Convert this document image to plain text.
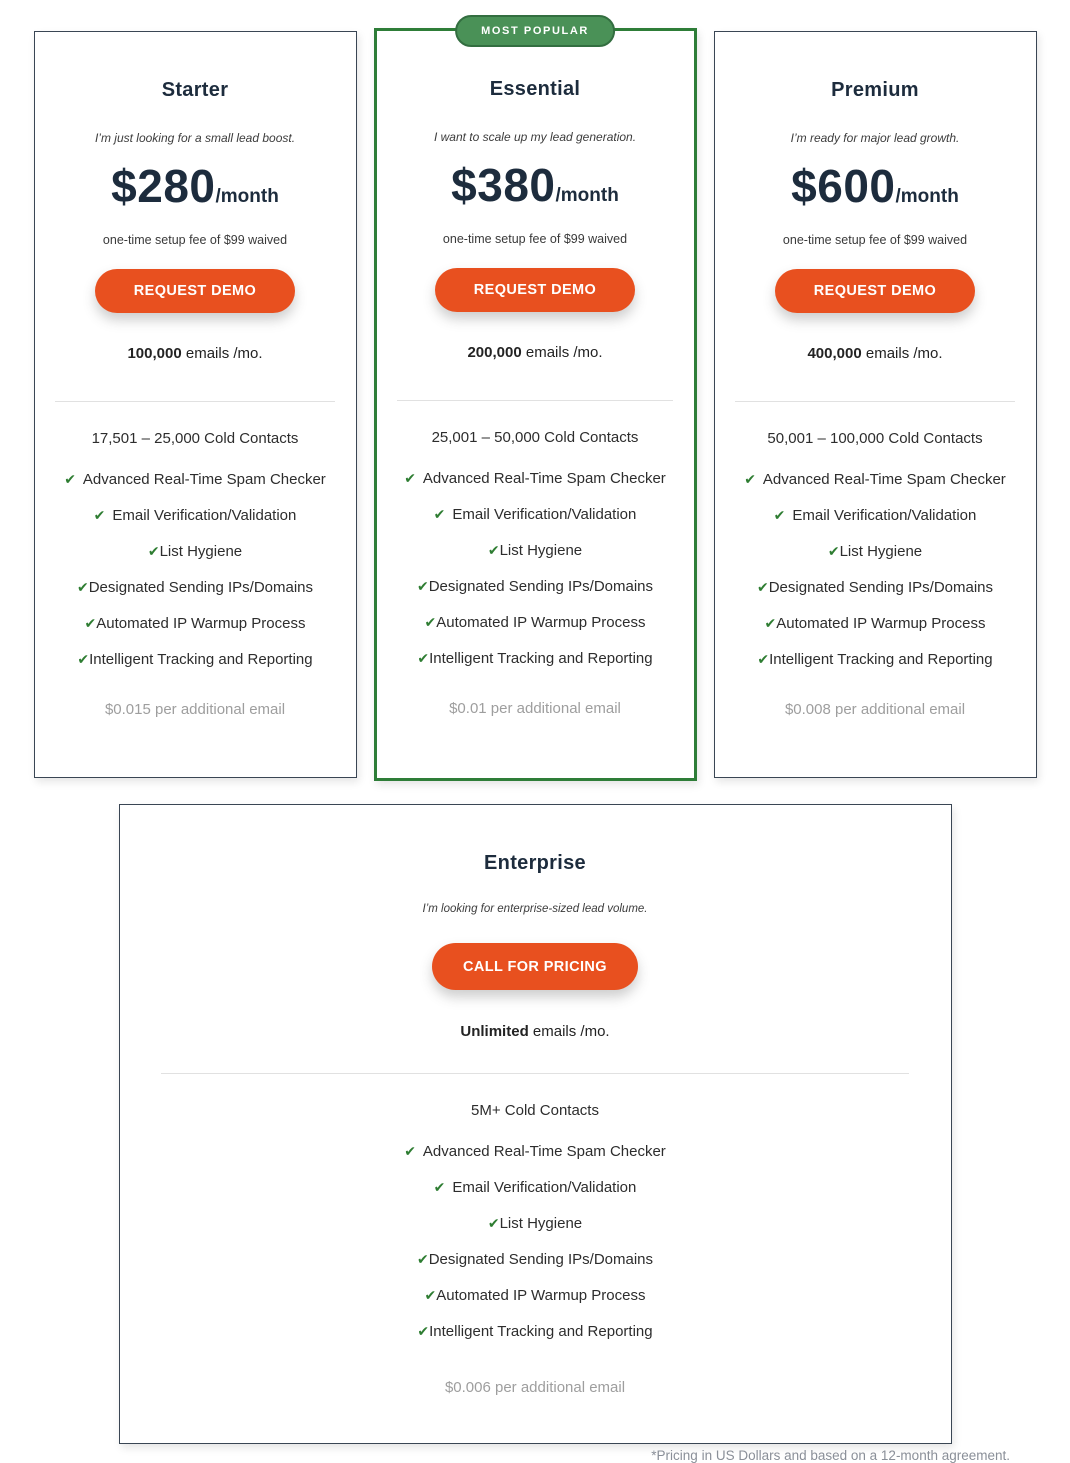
Starter

I’m just looking for a small lead boost.

$280/month

one-time setup fee of $99 waived

REQUEST DEMO

100,000 emails /mo.

17,501 – 25,000 Cold Contacts

✔ Advanced Real-Time Spam Checker
✔ Email Verification/Validation
✔List Hygiene
✔Designated Sending IPs/Domains
✔Automated IP Warmup Process
✔Intelligent Tracking and Reporting

$0.015 per additional email

MOST POPULAR
Essential

I want to scale up my lead generation.

$380/month

one-time setup fee of $99 waived

REQUEST DEMO

200,000 emails /mo.

25,001 – 50,000 Cold Contacts

✔ Advanced Real-Time Spam Checker
✔ Email Verification/Validation
✔List Hygiene
✔Designated Sending IPs/Domains
✔Automated IP Warmup Process
✔Intelligent Tracking and Reporting

$0.01 per additional email

Premium

I’m ready for major lead growth.

$600/month

one-time setup fee of $99 waived

REQUEST DEMO

400,000 emails /mo.

50,001 – 100,000 Cold Contacts

✔ Advanced Real-Time Spam Checker
✔ Email Verification/Validation
✔List Hygiene
✔Designated Sending IPs/Domains
✔Automated IP Warmup Process
✔Intelligent Tracking and Reporting

$0.008 per additional email

Enterprise

I’m looking for enterprise-sized lead volume.

CALL FOR PRICING

Unlimited emails /mo.

5M+ Cold Contacts

✔ Advanced Real-Time Spam Checker
✔ Email Verification/Validation
✔List Hygiene
✔Designated Sending IPs/Domains
✔Automated IP Warmup Process
✔Intelligent Tracking and Reporting

$0.006 per additional email

*Pricing in US Dollars and based on a 12-month agreement.
